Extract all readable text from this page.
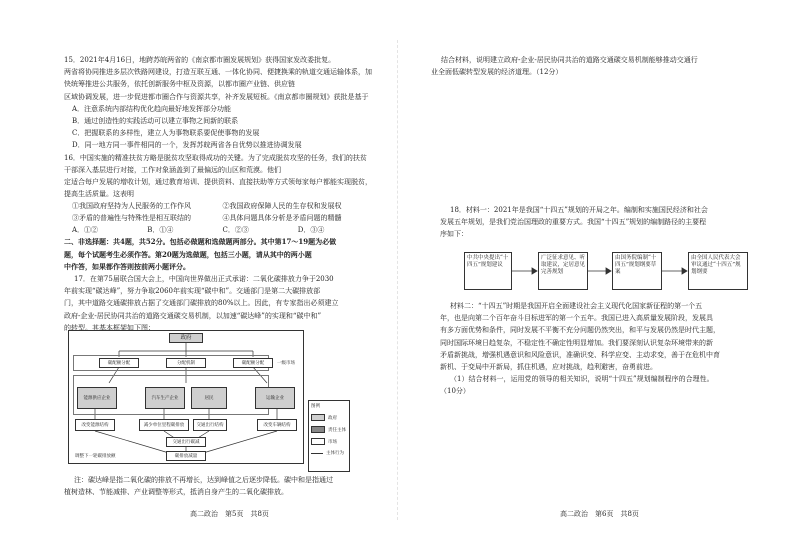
15．2021年4月16日，地跨苏皖两省的《南京都市圈发展规划》获得国家发改委批复。

两省将协同推进多层次铁路网建设，打造互联互通、一体化协同、便捷换乘的轨道交通运输体系，加快统筹推进公共服务，依托创新服务中枢及资源，以都市圈产业链、供应链

区域协调发展，进一步促进都市圈合作与资源共享，补齐发展短板。《南京都市圈规划》获批是基于

A．注意系统内部结构优化趋向最好地发挥部分功能

B．通过创造性的实践活动可以建立事物之间新的联系

C．把握联系的多样性，建立人为事物联系要促使事物的发展

D．同一地方同一事件相同的一个，发挥苏皖两省各自优势以推进协调发展

16．中国实施的精准扶贫方略是脱贫攻坚取得成功的关键。为了完成脱贫攻坚的任务，我们的扶贫干部深入基层进行对接，工作对象涵盖到了最偏远的山区和荒漠。他们

定适合每户发展的增收计划，通过教育培训、提供资料、直接扶助等方式领每家每户都能实现脱贫，提高生活质量。这表明

①我国政府坚持为人民服务的工作作风	②我国政府保障人民的生存权和发展权
③矛盾的普遍性与特殊性是相互联结的	④具体问题具体分析是矛盾问题的精髓
A．①②	B．①④	C．②③	D．③④

二、非选择题：共4题，共52分。包括必做题和选做题两部分。其中第17～19题为必做

题，每个试题考生必须作答。第20题为选做题，包括三小题，请从其中的两小题

中作答，如果都作答则按前两小题评分。

17．在第75届联合国大会上，中国向世界做出正式承诺：二氧化碳排放力争于2030

年前实现“碳达峰”，努力争取2060年前实现“碳中和”。交通部门是第二大碳排放部

门，其中道路交通碳排放占据了交通部门碳排放的80%以上。因此，有专家指出必须建立

政府-企业-居民协同共治的道路交通碳交易机制，以加速“碳达峰”的实现和“碳中和”

的转型。其基本框架如下图：

一级市场
政府
碳配额分配	分配机制	碳配额分配
能源供应企业	汽车生产企业	居民	运输企业
改变能源结构	减少单位里程碳排放	交通出行结构	改变车辆结构
交通出行碳减
碳排放减量
调整下一轮碳排放额
图例
政府
责任主体
市场
主体行为

注：碳达峰是指二氧化碳的排放不再增长，达到峰值之后逐步降低。碳中和是指通过

植树造林、节能减排、产业调整等形式，抵消自身产生的二氧化碳排放。

高二政治　第5页　共8页

结合材料，说明建立政府-企业-居民协同共治的道路交通碳交易机制能够推动交通行

业全面低碳转型发展的经济道理。（12分）

18．材料一：2021年是我国“十四五”规划的开局之年。编制和实施国民经济和社会

发展五年规划，是我们党治国理政的重要方式。我国“十四五”规划的编制路径的主要程

序如下：

中共中央提出“十四五”规划建议
广泛征求意见、听取建议，定居意见完善规划
由国务院编制“十四五”规划纲要草案
由全国人民代表大会审议通过“十四五”规划纲要

材料二：“十四五”时期是我国开启全面建设社会主义现代化国家新征程的第一个五

年，也是向第二个百年奋斗目标进军的第一个五年。我国已进入高质量发展阶段，发展具

有多方面优势和条件，同时发展不平衡不充分问题仍然突出，和平与发展仍然是时代主题，

同时国际环境日趋复杂，不稳定性不确定性明显增加。我们要深刻认识复杂环境带来的新

矛盾新挑战，增强机遇意识和风险意识，准确识变、科学应变、主动求变，善于在危机中育

新机、于变局中开新局，抓住机遇，应对挑战，趋利避害，奋勇前进。

（1）结合材料一，运用党的领导的相关知识，说明“十四五”规划编制程序的合理性。

（10分）

高二政治　第6页　共8页
